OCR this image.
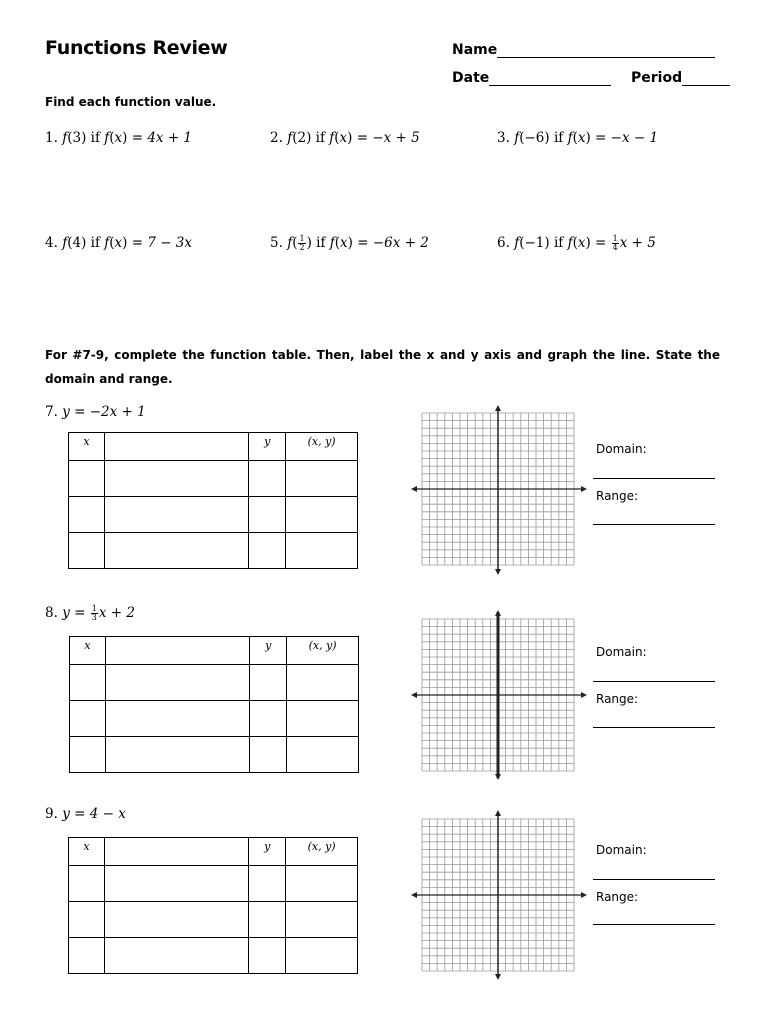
Functions Review	Name
Date	Period
Find each function value.
1. f(3) if f(x) = 4x + 1	2. f(2) if f(x) = −x + 5	3. f(−6) if f(x) = −x − 1
4. f(4) if f(x) = 7 − 3x	5. $f( \frac{1}{2}$ ) if f(x) = −6x + 2	6. f(−1) if $f(x) = \frac{1}{4}$ x + 5
For #7-9, complete the function table. Then, label the x and y axis and graph the line. State the domain and range.
7. y = −2x + 1
x		y	(x, y)

Domain:
Range:
8. $y = \frac{1}{3}$ x + 2
x		y	(x, y)

				Domain:
Range:
9. y = 4 − x
x		y	(x, y)

				Domain:
Range:
